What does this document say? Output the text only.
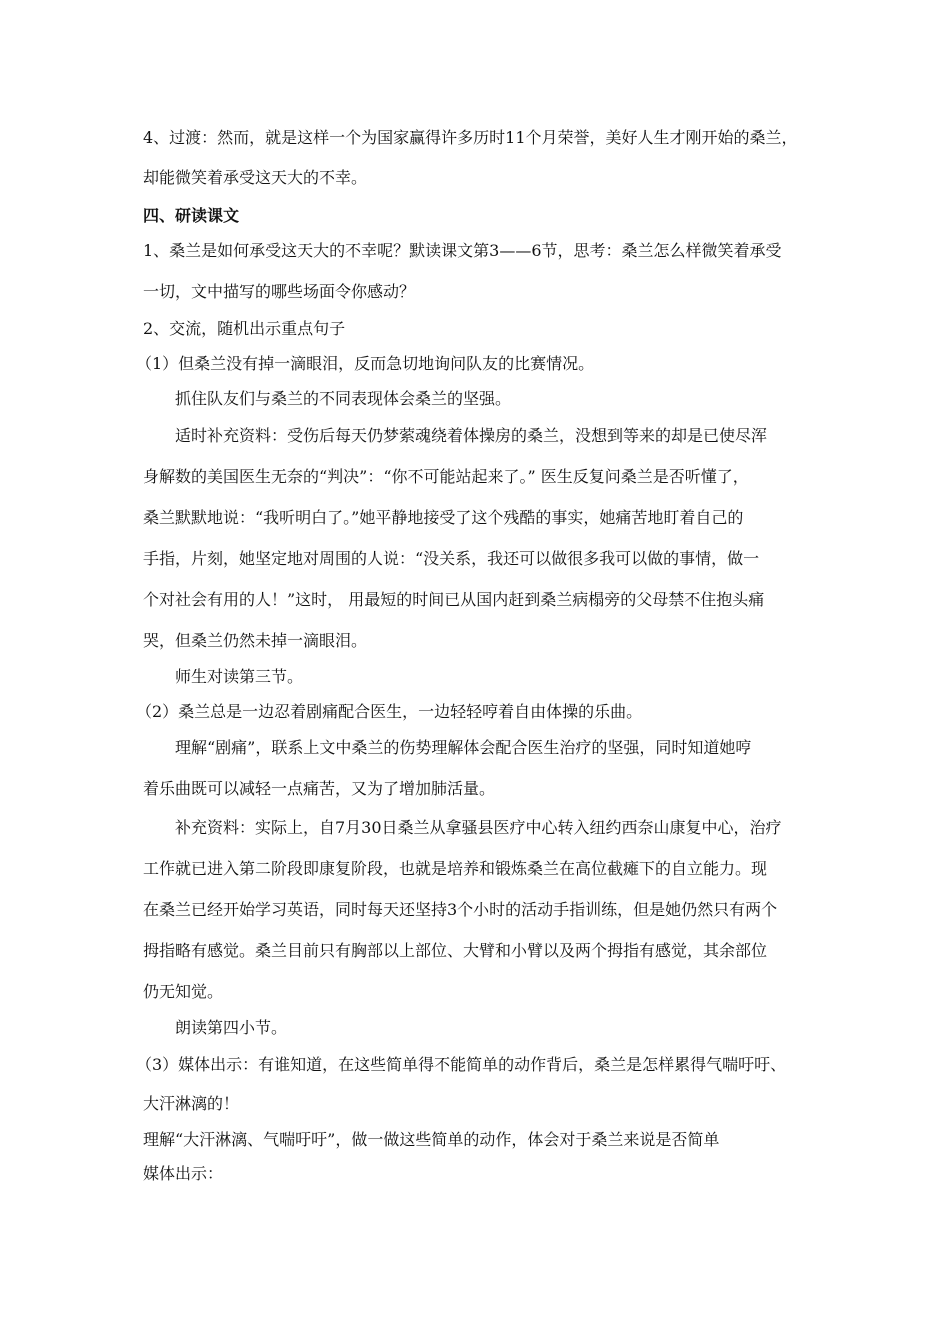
4、过渡：然而，就是这样一个为国家赢得许多历时11个月荣誉，美好人生才刚开始的桑兰，
却能微笑着承受这天大的不幸。
四、研读课文
1、桑兰是如何承受这天大的不幸呢？默读课文第3——6节，思考：桑兰怎么样微笑着承受
一切，文中描写的哪些场面令你感动？
2、交流，随机出示重点句子
（1）但桑兰没有掉一滴眼泪，反而急切地询问队友的比赛情况。
抓住队友们与桑兰的不同表现体会桑兰的坚强。
适时补充资料：受伤后每天仍梦萦魂绕着体操房的桑兰，没想到等来的却是已使尽浑
身解数的美国医生无奈的“判决”：“你不可能站起来了。” 医生反复问桑兰是否听懂了，
桑兰默默地说：“我听明白了。”她平静地接受了这个残酷的事实，她痛苦地盯着自己的
手指，片刻，她坚定地对周围的人说：“没关系，我还可以做很多我可以做的事情，做一
个对社会有用的人！”这时， 用最短的时间已从国内赶到桑兰病榻旁的父母禁不住抱头痛
哭，但桑兰仍然未掉一滴眼泪。
师生对读第三节。
（2）桑兰总是一边忍着剧痛配合医生，一边轻轻哼着自由体操的乐曲。
理解“剧痛”，联系上文中桑兰的伤势理解体会配合医生治疗的坚强，同时知道她哼
着乐曲既可以减轻一点痛苦，又为了增加肺活量。
补充资料：实际上，自7月30日桑兰从拿骚县医疗中心转入纽约西奈山康复中心，治疗
工作就已进入第二阶段即康复阶段，也就是培养和锻炼桑兰在高位截瘫下的自立能力。现
在桑兰已经开始学习英语，同时每天还坚持3个小时的活动手指训练，但是她仍然只有两个
拇指略有感觉。桑兰目前只有胸部以上部位、大臂和小臂以及两个拇指有感觉，其余部位
仍无知觉。
朗读第四小节。
（3）媒体出示：有谁知道，在这些简单得不能简单的动作背后，桑兰是怎样累得气喘吁吁、
大汗淋漓的！
理解“大汗淋漓、气喘吁吁”，做一做这些简单的动作，体会对于桑兰来说是否简单
媒体出示：
